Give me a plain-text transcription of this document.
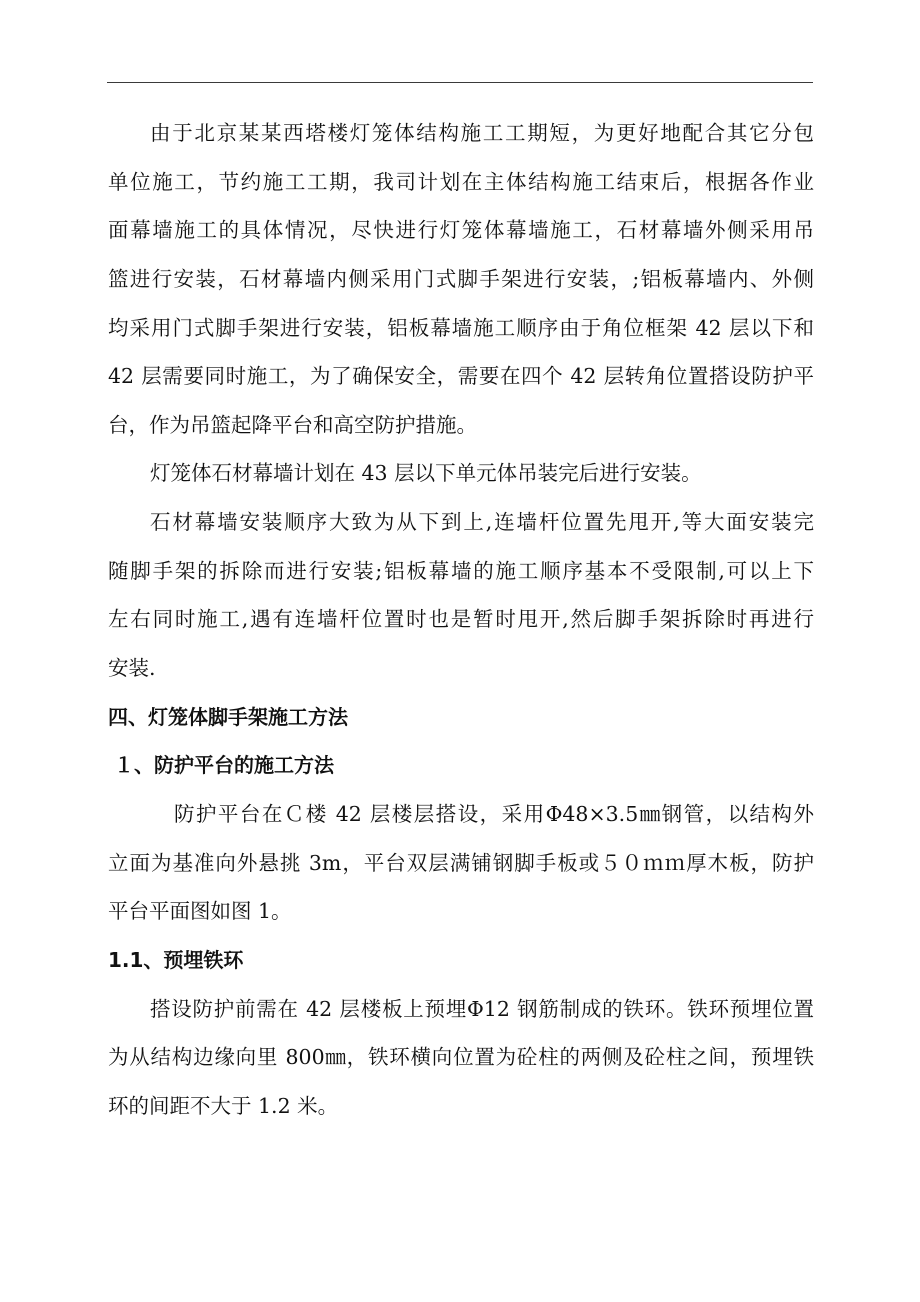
由于北京某某西塔楼灯笼体结构施工工期短，为更好地配合其它分包
单位施工，节约施工工期，我司计划在主体结构施工结束后，根据各作业
面幕墙施工的具体情况，尽快进行灯笼体幕墙施工，石材幕墙外侧采用吊
篮进行安装，石材幕墙内侧采用门式脚手架进行安装，;铝板幕墙内、外侧
均采用门式脚手架进行安装，铝板幕墙施工顺序由于角位框架 42 层以下和
42 层需要同时施工，为了确保安全，需要在四个 42 层转角位置搭设防护平
台，作为吊篮起降平台和高空防护措施。
灯笼体石材幕墙计划在 43 层以下单元体吊装完后进行安装。
石材幕墙安装顺序大致为从下到上,连墙杆位置先甩开,等大面安装完
随脚手架的拆除而进行安装;铝板幕墙的施工顺序基本不受限制,可以上下
左右同时施工,遇有连墙杆位置时也是暂时甩开,然后脚手架拆除时再进行
安装.
四、灯笼体脚手架施工方法
１、防护平台的施工方法
防护平台在Ｃ楼 42 层楼层搭设，采用Φ48×3.5㎜钢管，以结构外
立面为基准向外悬挑 3m，平台双层满铺钢脚手板或５０ｍｍ厚木板，防护
平台平面图如图 1。
1.1、预埋铁环
搭设防护前需在 42 层楼板上预埋Φ12 钢筋制成的铁环。铁环预埋位置
为从结构边缘向里 800㎜，铁环横向位置为砼柱的两侧及砼柱之间，预埋铁
环的间距不大于 1.2 米。
